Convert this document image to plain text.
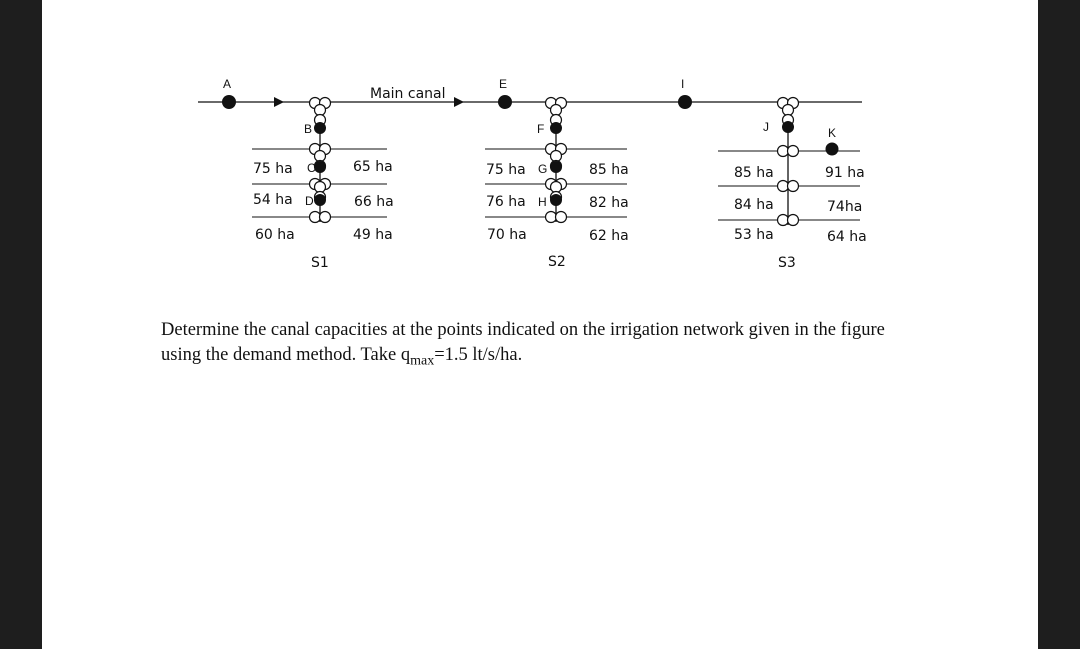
Main canal
A	E	I
B
C
D
75 ha
54 ha
60 ha
65 ha
66 ha
49 ha
S1
F
G
H
75 ha
76 ha
70 ha
85 ha
82 ha
62 ha
S2
J	K
85 ha
84 ha
53 ha
91 ha
74ha
64 ha
S3

Determine the canal capacities at the points indicated on the irrigation network given in the figure using the demand method. Take $q_{max}=1.5$ lt/s/ha.
